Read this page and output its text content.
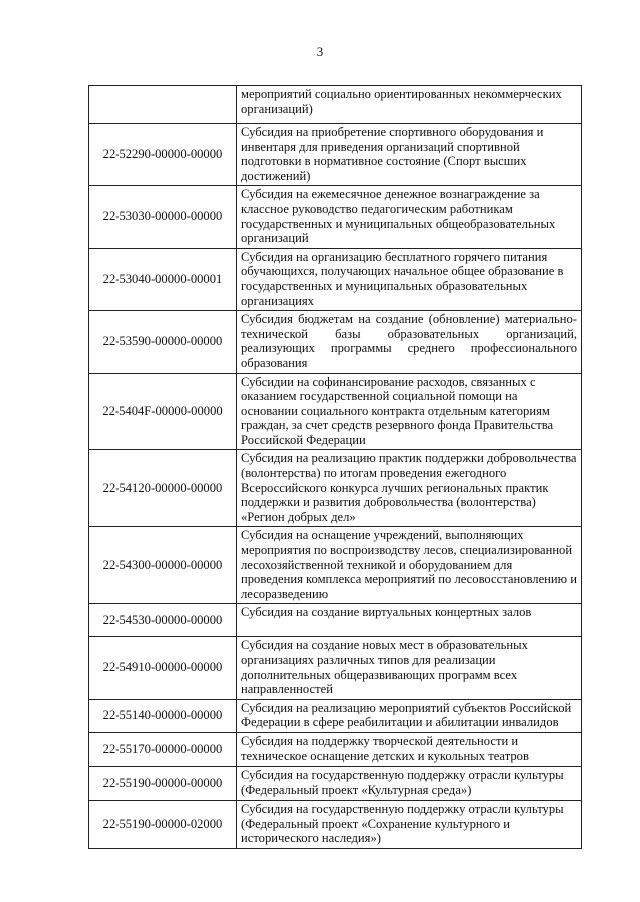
3
	мероприятий социально ориентированных некоммерческих организаций)
22-52290-00000-00000	Субсидия на приобретение спортивного оборудования и инвентаря для приведения организаций спортивной подготовки в нормативное состояние (Спорт высших достижений)
22-53030-00000-00000	Субсидия на ежемесячное денежное вознаграждение за классное руководство педагогическим работникам государственных и муниципальных общеобразовательных организаций
22-53040-00000-00001	Субсидия на организацию бесплатного горячего питания обучающихся, получающих начальное общее образование в государственных и муниципальных образовательных организациях
22-53590-00000-00000	Субсидия бюджетам на создание (обновление) материально-технической базы образовательных организаций, реализующих программы среднего профессионального образования
22-5404F-00000-00000	Субсидии на софинансирование расходов, связанных с оказанием государственной социальной помощи на основании социального контракта отдельным категориям граждан, за счет средств резервного фонда Правительства Российской Федерации
22-54120-00000-00000	Субсидия на реализацию практик поддержки добровольчества (волонтерства) по итогам проведения ежегодного Всероссийского конкурса лучших региональных практик поддержки и развития добровольчества (волонтерства) «Регион добрых дел»
22-54300-00000-00000	Субсидия на оснащение учреждений, выполняющих мероприятия по воспроизводству лесов, специализированной лесохозяйственной техникой и оборудованием для проведения комплекса мероприятий по лесовосстановлению и лесоразведению
22-54530-00000-00000	Субсидия на создание виртуальных концертных залов
22-54910-00000-00000	Субсидия на создание новых мест в образовательных организациях различных типов для реализации дополнительных общеразвивающих программ всех направленностей
22-55140-00000-00000	Субсидия на реализацию мероприятий субъектов Российской Федерации в сфере реабилитации и абилитации инвалидов
22-55170-00000-00000	Субсидия на поддержку творческой деятельности и техническое оснащение детских и кукольных театров
22-55190-00000-00000	Субсидия на государственную поддержку отрасли культуры (Федеральный проект «Культурная среда»)
22-55190-00000-02000	Субсидия на государственную поддержку отрасли культуры (Федеральный проект «Сохранение культурного и исторического наследия»)
